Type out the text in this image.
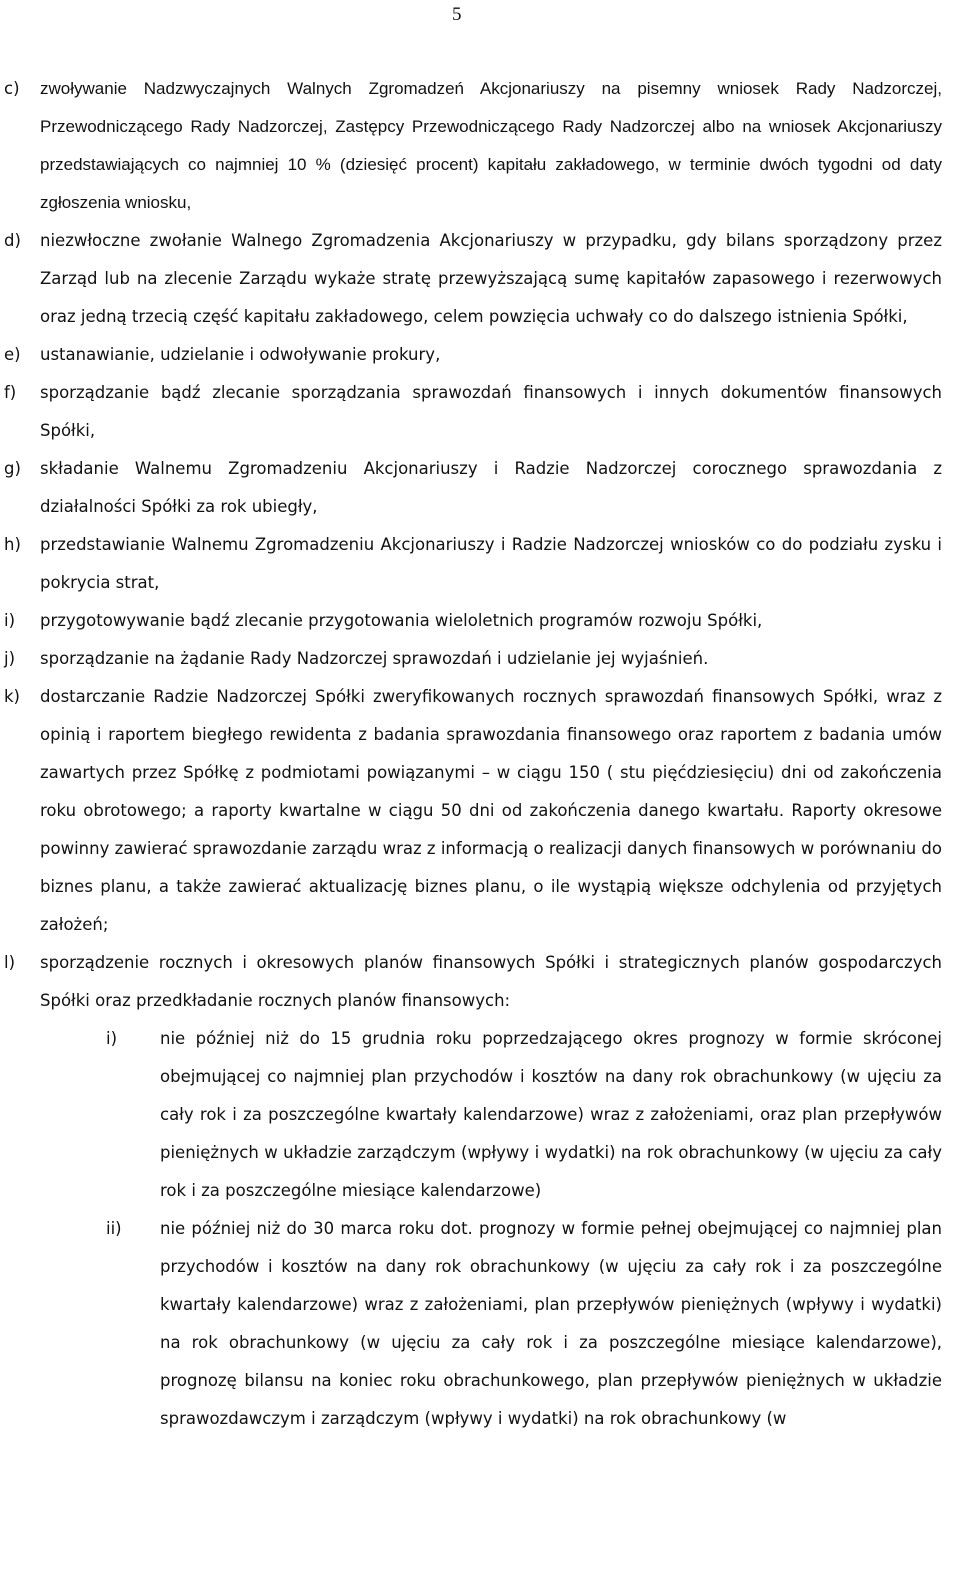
5
c)	zwoływanie Nadzwyczajnych Walnych Zgromadzeń Akcjonariuszy na pisemny wniosek Rady Nadzorczej, Przewodniczącego Rady Nadzorczej, Zastępcy Przewodniczącego Rady Nadzorczej albo na wniosek Akcjonariuszy przedstawiających co najmniej 10 % (dziesięć procent) kapitału zakładowego, w terminie dwóch tygodni od daty zgłoszenia wniosku,

d)	niezwłoczne zwołanie Walnego Zgromadzenia Akcjonariuszy w przypadku, gdy bilans sporządzony przez Zarząd lub na zlecenie Zarządu wykaże stratę przewyższającą sumę kapitałów zapasowego i rezerwowych oraz jedną trzecią część kapitału zakładowego, celem powzięcia uchwały co do dalszego istnienia Spółki,

e)	ustanawianie, udzielanie i odwoływanie prokury,

f)	sporządzanie bądź zlecanie sporządzania sprawozdań finansowych i innych dokumentów finansowych Spółki,

g)	składanie Walnemu Zgromadzeniu Akcjonariuszy i Radzie Nadzorczej corocznego sprawozdania z działalności Spółki za rok ubiegły,

h)	przedstawianie Walnemu Zgromadzeniu Akcjonariuszy i Radzie Nadzorczej wniosków co do podziału zysku i pokrycia strat,

i)	przygotowywanie bądź zlecanie przygotowania wieloletnich programów rozwoju Spółki,

j)	sporządzanie na żądanie Rady Nadzorczej sprawozdań i udzielanie jej wyjaśnień.

k)	dostarczanie Radzie Nadzorczej Spółki zweryfikowanych rocznych sprawozdań finansowych Spółki, wraz z opinią i raportem biegłego rewidenta z badania sprawozdania finansowego oraz raportem z badania umów zawartych przez Spółkę z podmiotami powiązanymi – w ciągu 150 ( stu pięćdziesięciu) dni od zakończenia roku obrotowego; a raporty kwartalne w ciągu 50 dni od zakończenia danego kwartału. Raporty okresowe powinny zawierać sprawozdanie zarządu wraz z informacją o realizacji danych finansowych w porównaniu do biznes planu, a także zawierać aktualizację biznes planu, o ile wystąpią większe odchylenia od przyjętych założeń;

l)	sporządzenie rocznych i okresowych planów finansowych Spółki i strategicznych planów gospodarczych Spółki oraz przedkładanie rocznych planów finansowych:

i)	nie później niż do 15 grudnia roku poprzedzającego okres prognozy w formie skróconej obejmującej co najmniej plan przychodów i kosztów na dany rok obrachunkowy (w ujęciu za cały rok i za poszczególne kwartały kalendarzowe) wraz z założeniami, oraz plan przepływów pieniężnych w układzie zarządczym (wpływy i wydatki) na rok obrachunkowy (w ujęciu za cały rok i za poszczególne miesiące kalendarzowe)

ii)	nie później niż do 30 marca roku dot. prognozy w formie pełnej obejmującej co najmniej plan przychodów i kosztów na dany rok obrachunkowy (w ujęciu za cały rok i za poszczególne kwartały kalendarzowe) wraz z założeniami, plan przepływów pieniężnych (wpływy i wydatki) na rok obrachunkowy (w ujęciu za cały rok i za poszczególne miesiące kalendarzowe), prognozę bilansu na koniec roku obrachunkowego, plan przepływów pieniężnych w układzie sprawozdawczym i zarządczym (wpływy i wydatki) na rok obrachunkowy (w
